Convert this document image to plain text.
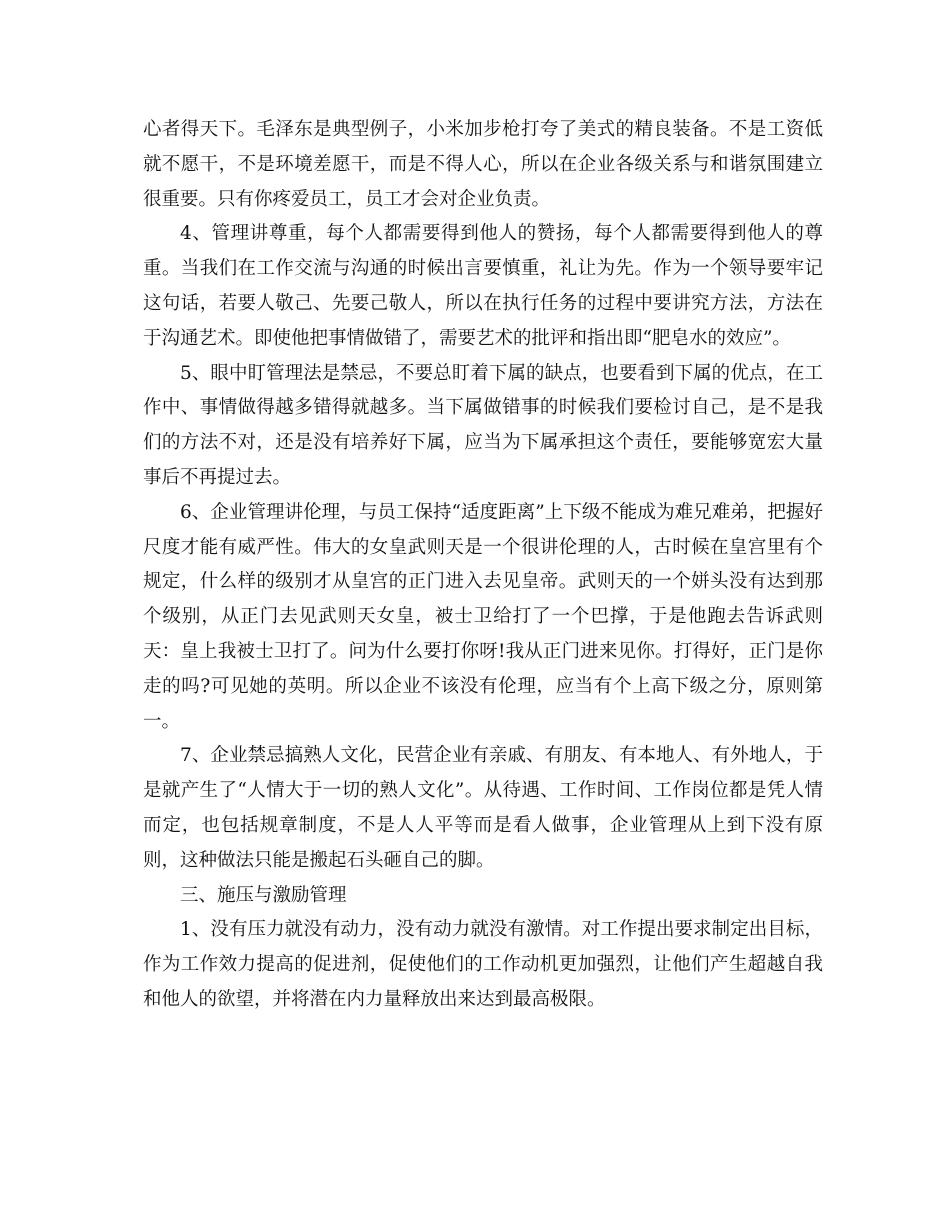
心者得天下。毛泽东是典型例子，小米加步枪打夸了美式的精良装备。不是工资低就不愿干，不是环境差愿干，而是不得人心，所以在企业各级关系与和谐氛围建立很重要。只有你疼爱员工，员工才会对企业负责。

4、管理讲尊重，每个人都需要得到他人的赞扬，每个人都需要得到他人的尊重。当我们在工作交流与沟通的时候出言要慎重，礼让为先。作为一个领导要牢记这句话，若要人敬己、先要己敬人，所以在执行任务的过程中要讲究方法，方法在于沟通艺术。即使他把事情做错了，需要艺术的批评和指出即“肥皂水的效应”。

5、眼中盯管理法是禁忌，不要总盯着下属的缺点，也要看到下属的优点，在工作中、事情做得越多错得就越多。当下属做错事的时候我们要检讨自己，是不是我们的方法不对，还是没有培养好下属，应当为下属承担这个责任，要能够宽宏大量事后不再提过去。

6、企业管理讲伦理，与员工保持“适度距离”上下级不能成为难兄难弟，把握好尺度才能有威严性。伟大的女皇武则天是一个很讲伦理的人，古时候在皇宫里有个规定，什么样的级别才从皇宫的正门进入去见皇帝。武则天的一个姘头没有达到那个级别，从正门去见武则天女皇，被士卫给打了一个巴撑，于是他跑去告诉武则天：皇上我被士卫打了。问为什么要打你呀!我从正门进来见你。打得好，正门是你走的吗?可见她的英明。所以企业不该没有伦理，应当有个上高下级之分，原则第一。

7、企业禁忌搞熟人文化，民营企业有亲戚、有朋友、有本地人、有外地人，于是就产生了“人情大于一切的熟人文化”。从待遇、工作时间、工作岗位都是凭人情而定，也包括规章制度，不是人人平等而是看人做事，企业管理从上到下没有原则，这种做法只能是搬起石头砸自己的脚。

三、施压与激励管理

1、没有压力就没有动力，没有动力就没有激情。对工作提出要求制定出目标，作为工作效力提高的促进剂，促使他们的工作动机更加强烈，让他们产生超越自我和他人的欲望，并将潜在内力量释放出来达到最高极限。
